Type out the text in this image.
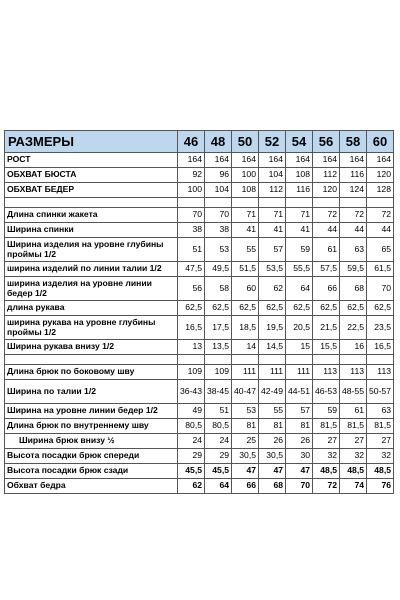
РАЗМЕРЫ	46	48	50	52	54	56	58	60
РОСТ	164	164	164	164	164	164	164	164
ОБХВАТ БЮСТА	92	96	100	104	108	112	116	120
ОБХВАТ БЕДЕР	100	104	108	112	116	120	124	128

Длина спинки жакета	70	70	71	71	71	72	72	72
Ширина спинки	38	38	41	41	41	44	44	44
Ширина изделия на уровне глубины проймы 1/2	51	53	55	57	59	61	63	65
ширина изделий по линии талии 1/2	47,5	49,5	51,5	53,5	55,5	57,5	59,5	61,5
ширина изделия на уровне линии бедер 1/2	56	58	60	62	64	66	68	70
длина рукава	62,5	62,5	62,5	62,5	62,5	62,5	62,5	62,5
ширина рукава на уровне глубины проймы 1/2	16,5	17,5	18,5	19,5	20,5	21,5	22,5	23,5
Ширина рукава внизу 1/2	13	13,5	14	14,5	15	15,5	16	16,5

Длина брюк по боковому шву	109	109	111	111	111	113	113	113
Ширина по талии 1/2	36-43	38-45	40-47	42-49	44-51	46-53	48-55	50-57
Ширина на уровне линии бедер 1/2	49	51	53	55	57	59	61	63
Длина брюк по внутреннему шву	80,5	80,5	81	81	81	81,5	81,5	81,5
Ширина брюк внизу ½	24	24	25	26	26	27	27	27
Высота посадки брюк спереди	29	29	30,5	30,5	30	32	32	32
Высота посадки брюк сзади	45,5	45,5	47	47	47	48,5	48,5	48,5
Обхват бедра	62	64	66	68	70	72	74	76
